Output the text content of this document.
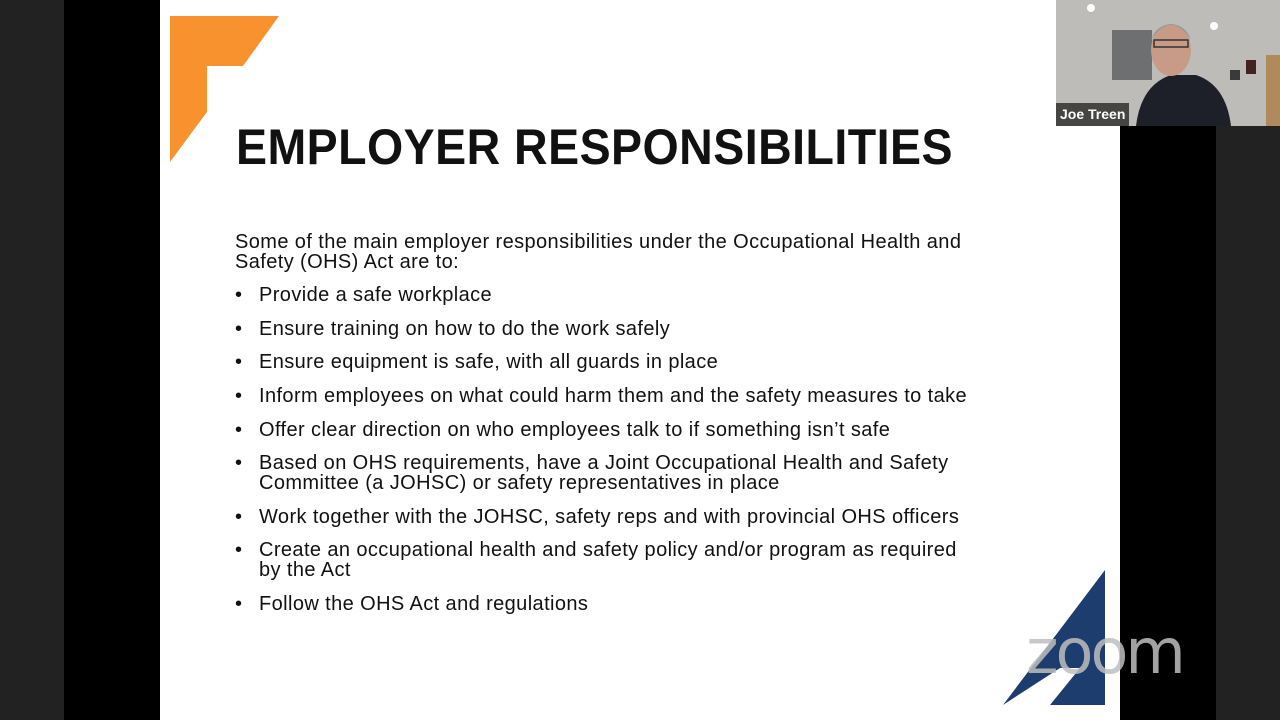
EMPLOYER RESPONSIBILITIES
Some of the main employer responsibilities under the Occupational Health and
Safety (OHS) Act are to:
• Provide a safe workplace
• Ensure training on how to do the work safely
• Ensure equipment is safe, with all guards in place
• Inform employees on what could harm them and the safety measures to take
• Offer clear direction on who employees talk to if something isn’t safe
• Based on OHS requirements, have a Joint Occupational Health and Safety
Committee (a JOHSC) or safety representatives in place
• Work together with the JOHSC, safety reps and with provincial OHS officers
• Create an occupational health and safety policy and/or program as required
by the Act
• Follow the OHS Act and regulations
zoom
Joe Treen
